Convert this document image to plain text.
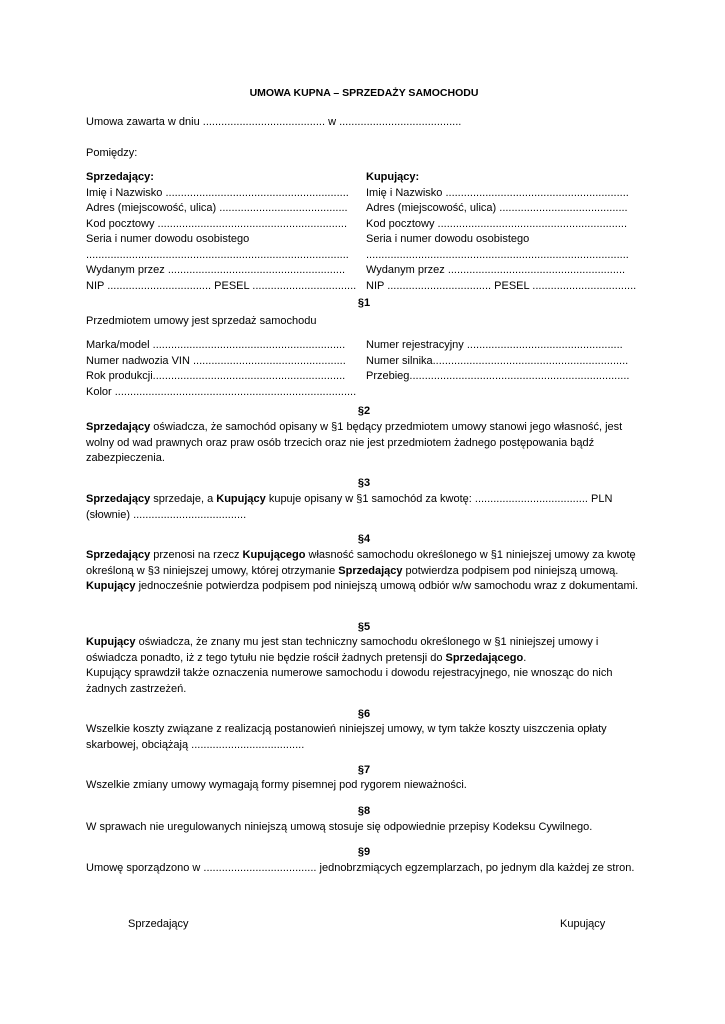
UMOWA KUPNA – SPRZEDAŻY SAMOCHODU
Umowa zawarta w dniu ........................................ w ........................................
Pomiędzy:
Sprzedający:
Imię i Nazwisko ............................................................
Adres (miejscowość, ulica) ..........................................
Kod pocztowy ..............................................................
Seria i numer dowodu osobistego
......................................................................................
Wydanym przez ..........................................................
NIP .................................. PESEL ..................................
Kupujący:
Imię i Nazwisko ............................................................
Adres (miejscowość, ulica) ..........................................
Kod pocztowy ..............................................................
Seria i numer dowodu osobistego
......................................................................................
Wydanym przez ..........................................................
NIP .................................. PESEL ..................................
§1
Przedmiotem umowy jest sprzedaż samochodu
Marka/model ...............................................................
Numer nadwozia VIN ..................................................
Rok produkcji...............................................................
Kolor ...............................................................................
Numer rejestracyjny ...................................................
Numer silnika................................................................
Przebieg........................................................................
§2

Sprzedający oświadcza, że samochód opisany w §1 będący przedmiotem umowy stanowi jego własność, jest wolny od wad prawnych oraz praw osób trzecich oraz nie jest przedmiotem żadnego postępowania bądź zabezpieczenia.

§3

Sprzedający sprzedaje, a Kupujący kupuje opisany w §1 samochód za kwotę: ..................................... PLN (słownie) .....................................

§4

Sprzedający przenosi na rzecz Kupującego własność samochodu określonego w §1 niniejszej umowy za kwotę określoną w §3 niniejszej umowy, której otrzymanie Sprzedający potwierdza podpisem pod niniejszą umową.
Kupujący jednocześnie potwierdza podpisem pod niniejszą umową odbiór w/w samochodu wraz z dokumentami.

§5

Kupujący oświadcza, że znany mu jest stan techniczny samochodu określonego w §1 niniejszej umowy i oświadcza ponadto, iż z tego tytułu nie będzie rościł żadnych pretensji do Sprzedającego.
Kupujący sprawdził także oznaczenia numerowe samochodu i dowodu rejestracyjnego, nie wnosząc do nich żadnych zastrzeżeń.

§6
Wszelkie koszty związane z realizacją postanowień niniejszej umowy, w tym także koszty uiszczenia opłaty skarbowej, obciążają .....................................
§7
Wszelkie zmiany umowy wymagają formy pisemnej pod rygorem nieważności.
§8
W sprawach nie uregulowanych niniejszą umową stosuje się odpowiednie przepisy Kodeksu Cywilnego.
§9
Umowę sporządzono w ..................................... jednobrzmiących egzemplarzach, po jednym dla każdej ze stron.
Sprzedający	Kupujący
